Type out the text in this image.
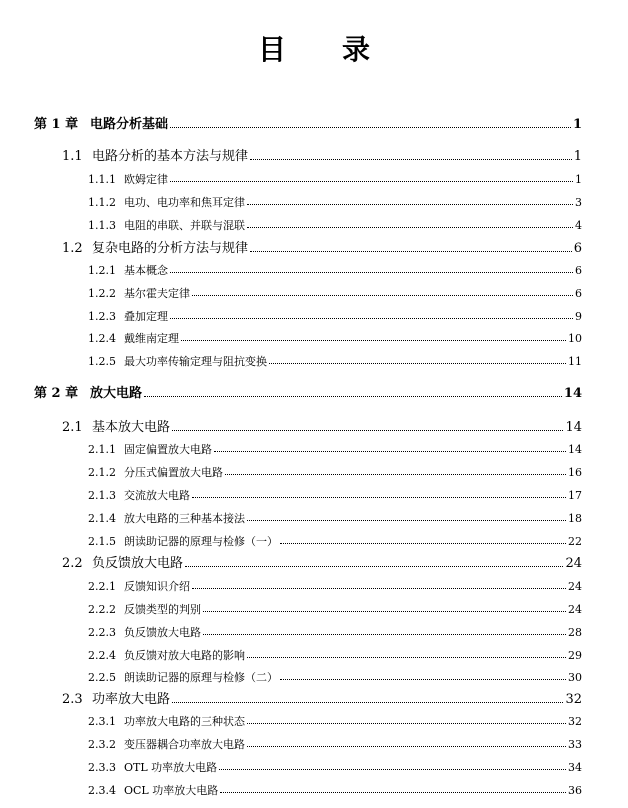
目 录
第 1 章 电路分析基础	1
1.1 电路分析的基本方法与规律	1
1.1.1 欧姆定律	1
1.1.2 电功、电功率和焦耳定律	3
1.1.3 电阻的串联、并联与混联	4
1.2 复杂电路的分析方法与规律	6
1.2.1 基本概念	6
1.2.2 基尔霍夫定律	6
1.2.3 叠加定理	9
1.2.4 戴维南定理	10
1.2.5 最大功率传输定理与阻抗变换	11
第 2 章 放大电路	14
2.1 基本放大电路	14
2.1.1 固定偏置放大电路	14
2.1.2 分压式偏置放大电路	16
2.1.3 交流放大电路	17
2.1.4 放大电路的三种基本接法	18
2.1.5 朗读助记器的原理与检修（一）	22
2.2 负反馈放大电路	24
2.2.1 反馈知识介绍	24
2.2.2 反馈类型的判别	24
2.2.3 负反馈放大电路	28
2.2.4 负反馈对放大电路的影响	29
2.2.5 朗读助记器的原理与检修（二）	30
2.3 功率放大电路	32
2.3.1 功率放大电路的三种状态	32
2.3.2 变压器耦合功率放大电路	33
2.3.3 OTL 功率放大电路	34
2.3.4 OCL 功率放大电路	36
